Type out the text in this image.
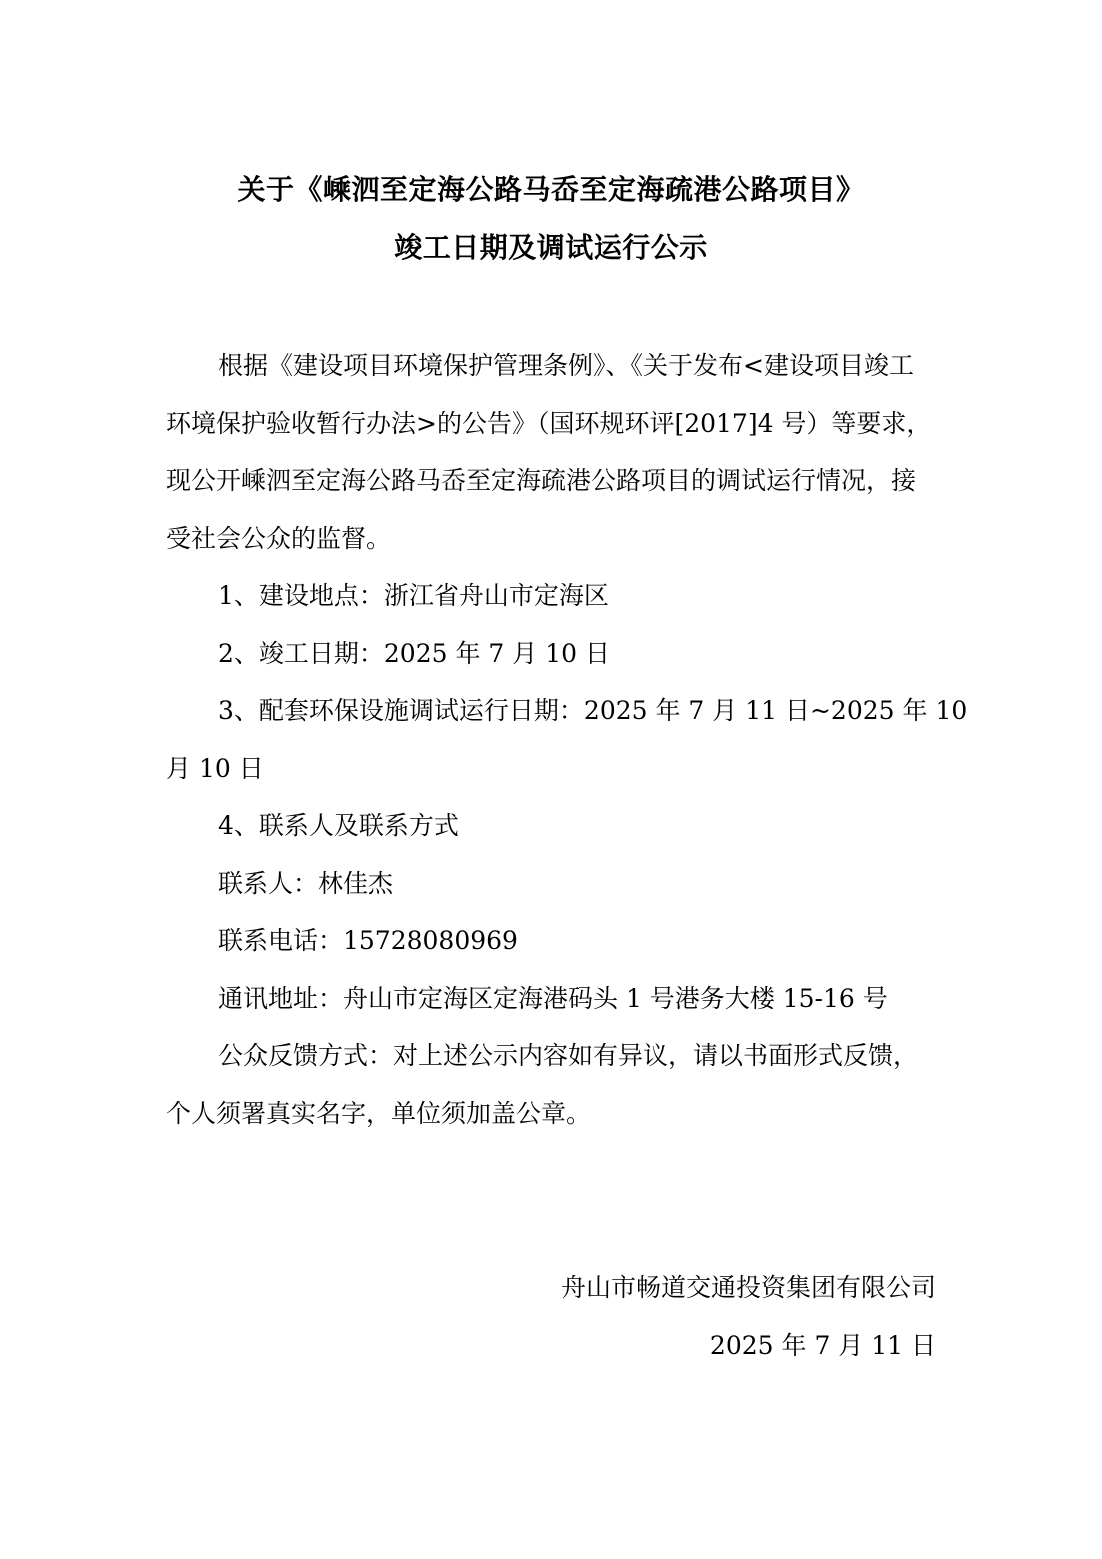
关于《嵊泗至定海公路马岙至定海疏港公路项目》
竣工日期及调试运行公示

根据《建设项目环境保护管理条例》、《关于发布<建设项目竣工

环境保护验收暂行办法>的公告》（国环规环评[2017]4 号）等要求，

现公开嵊泗至定海公路马岙至定海疏港公路项目的调试运行情况，接

受社会公众的监督。

1、建设地点：浙江省舟山市定海区

2、竣工日期：2025 年 7 月 10 日

3、配套环保设施调试运行日期：2025 年 7 月 11 日~2025 年 10

月 10 日

4、联系人及联系方式

联系人：林佳杰

联系电话：15728080969

通讯地址：舟山市定海区定海港码头 1 号港务大楼 15-16 号

公众反馈方式：对上述公示内容如有异议，请以书面形式反馈，

个人须署真实名字，单位须加盖公章。

舟山市畅道交通投资集团有限公司
2025 年 7 月 11 日
